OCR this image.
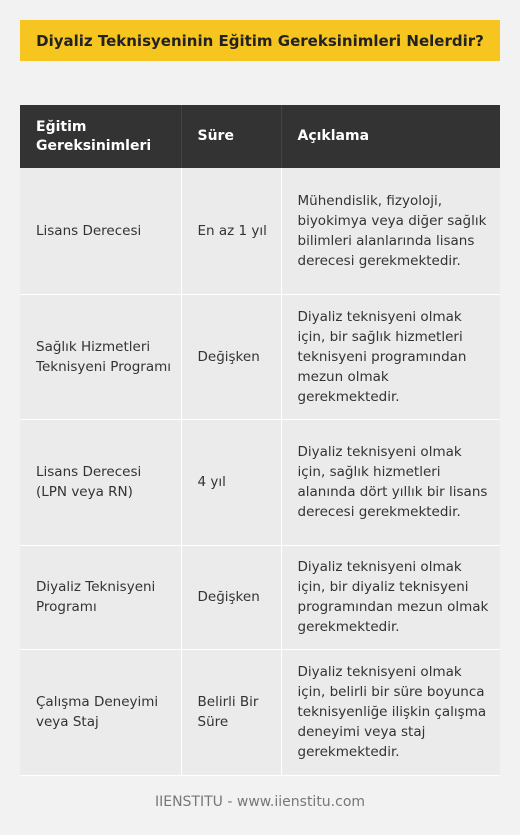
Diyaliz Teknisyeninin Eğitim Gereksinimleri Nelerdir?
Eğitim Gereksinimleri	Süre	Açıklama
Lisans Derecesi	En az 1 yıl	Mühendislik, fizyoloji, biyokimya veya diğer sağlık bilimleri alanlarında lisans derecesi gerekmektedir.
Sağlık Hizmetleri Teknisyeni Programı	Değişken	Diyaliz teknisyeni olmak için, bir sağlık hizmetleri teknisyeni programından mezun olmak gerekmektedir.
Lisans Derecesi (LPN veya RN)	4 yıl	Diyaliz teknisyeni olmak için, sağlık hizmetleri alanında dört yıllık bir lisans derecesi gerekmektedir.
Diyaliz Teknisyeni Programı	Değişken	Diyaliz teknisyeni olmak için, bir diyaliz teknisyeni programından mezun olmak gerekmektedir.
Çalışma Deneyimi veya Staj	Belirli Bir Süre	Diyaliz teknisyeni olmak için, belirli bir süre boyunca teknisyenliğe ilişkin çalışma deneyimi veya staj gerekmektedir.
IIENSTITU - www.iienstitu.com
